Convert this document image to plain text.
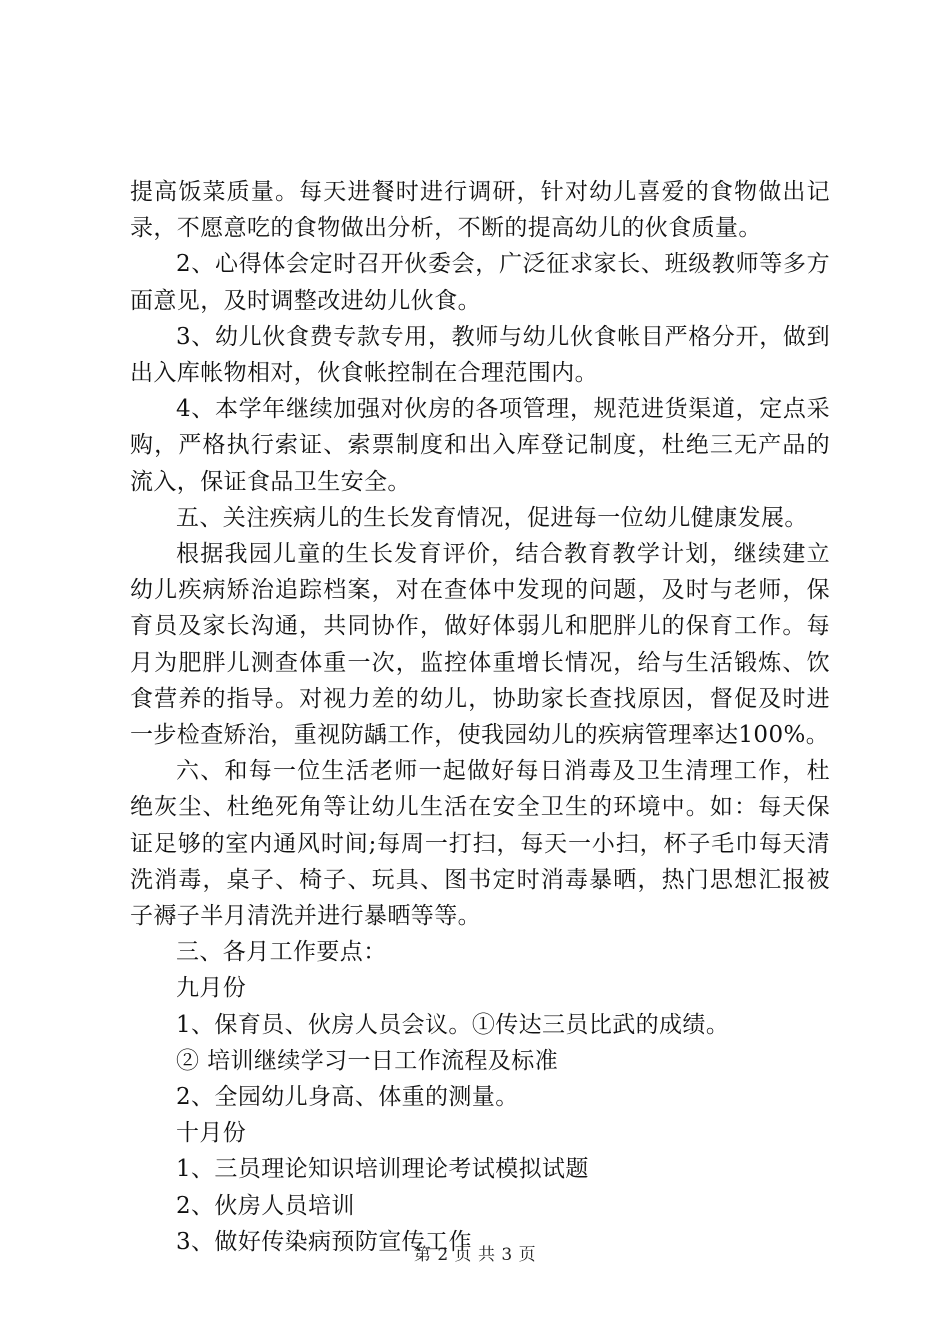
提高饭菜质量。每天进餐时进行调研，针对幼儿喜爱的食物做出记录，不愿意吃的食物做出分析，不断的提高幼儿的伙食质量。

2、心得体会定时召开伙委会，广泛征求家长、班级教师等多方面意见，及时调整改进幼儿伙食。

3、幼儿伙食费专款专用，教师与幼儿伙食帐目严格分开，做到出入库帐物相对，伙食帐控制在合理范围内。

4、本学年继续加强对伙房的各项管理，规范进货渠道，定点采购，严格执行索证、索票制度和出入库登记制度，杜绝三无产品的流入，保证食品卫生安全。

五、关注疾病儿的生长发育情况，促进每一位幼儿健康发展。

根据我园儿童的生长发育评价，结合教育教学计划，继续建立幼儿疾病矫治追踪档案，对在查体中发现的问题，及时与老师，保育员及家长沟通，共同协作，做好体弱儿和肥胖儿的保育工作。每月为肥胖儿测查体重一次，监控体重增长情况，给与生活锻炼、饮食营养的指导。对视力差的幼儿，协助家长查找原因，督促及时进一步检查矫治，重视防龋工作，使我园幼儿的疾病管理率达100%。

六、和每一位生活老师一起做好每日消毒及卫生清理工作，杜绝灰尘、杜绝死角等让幼儿生活在安全卫生的环境中。如：每天保证足够的室内通风时间;每周一打扫，每天一小扫，杯子毛巾每天清洗消毒，桌子、椅子、玩具、图书定时消毒暴晒，热门思想汇报被子褥子半月清洗并进行暴晒等等。

三、各月工作要点：

九月份

1、保育员、伙房人员会议。①传达三员比武的成绩。

② 培训继续学习一日工作流程及标准

2、全园幼儿身高、体重的测量。

十月份

1、三员理论知识培训理论考试模拟试题

2、伙房人员培训

3、做好传染病预防宣传工作

第 2 页 共 3 页
